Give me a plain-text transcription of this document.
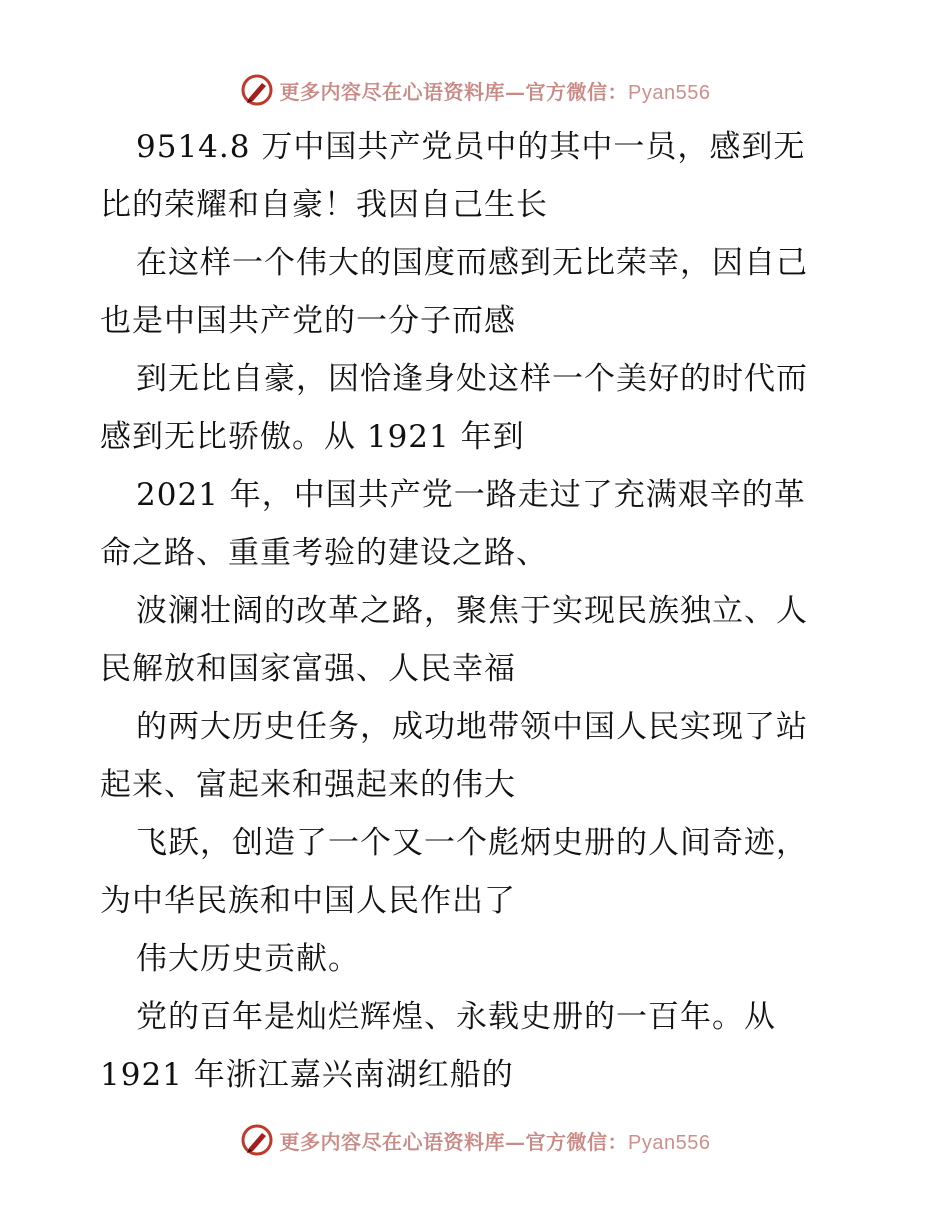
更多内容尽在心语资料库—官方微信：Pyan556
9514.8 万中国共产党员中的其中一员，感到无
比的荣耀和自豪！我因自己生长
在这样一个伟大的国度而感到无比荣幸，因自己
也是中国共产党的一分子而感
到无比自豪，因恰逢身处这样一个美好的时代而
感到无比骄傲。从 1921 年到
2021 年，中国共产党一路走过了充满艰辛的革
命之路、重重考验的建设之路、
波澜壮阔的改革之路，聚焦于实现民族独立、人
民解放和国家富强、人民幸福
的两大历史任务，成功地带领中国人民实现了站
起来、富起来和强起来的伟大
飞跃，创造了一个又一个彪炳史册的人间奇迹，
为中华民族和中国人民作出了
伟大历史贡献。
党的百年是灿烂辉煌、永载史册的一百年。从
1921 年浙江嘉兴南湖红船的
更多内容尽在心语资料库—官方微信：Pyan556
